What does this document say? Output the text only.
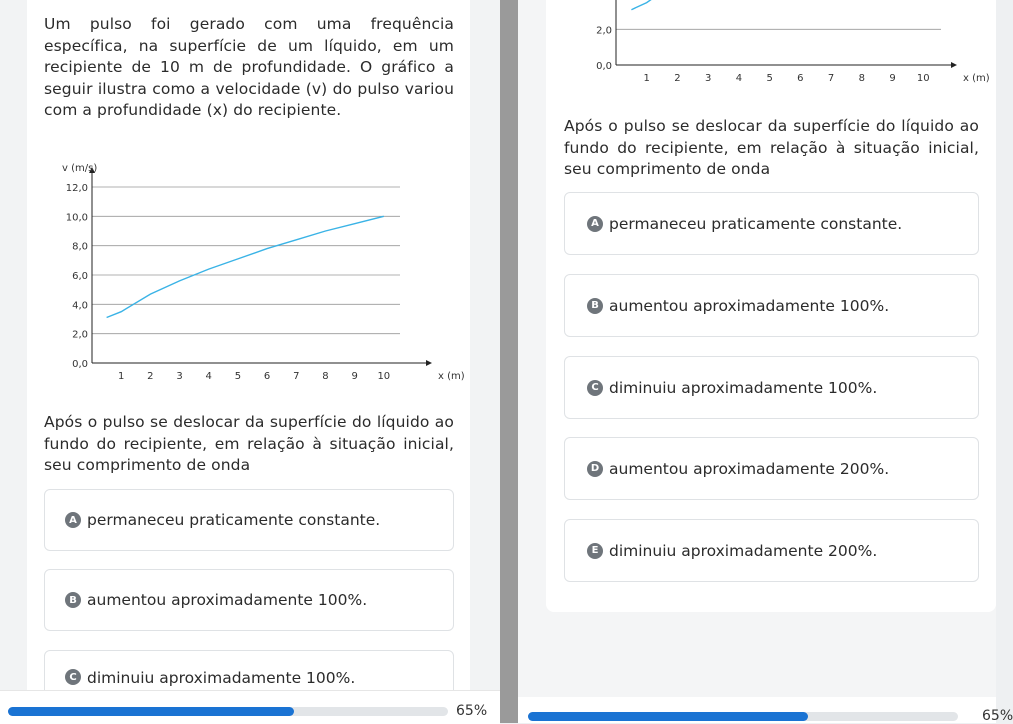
Um pulso foi gerado com uma frequência específica, na superfície de um líquido, em um recipiente de 10 m de profundidade. O gráfico a seguir ilustra como a velocidade (v) do pulso variou com a profundidade (x) do recipiente.

0,0
2,0
4,0
6,0
8,0
10,0
12,0
1 2 3 4 5 6 7 8 9 10	x (m)
v (m/s)

Após o pulso se deslocar da superfície do líquido ao fundo do recipiente, em relação à situação inicial, seu comprimento de onda

A permaneceu praticamente constante.
B aumentou aproximadamente 100%.
C diminuiu aproximadamente 100%.
65%
0,0
2,0
1 2 3 4 5 6 7 8 9 10	x (m)

Após o pulso se deslocar da superfície do líquido ao fundo do recipiente, em relação à situação inicial, seu comprimento de onda

A permaneceu praticamente constante.
B aumentou aproximadamente 100%.
C diminuiu aproximadamente 100%.
D aumentou aproximadamente 200%.
E diminuiu aproximadamente 200%.
65%
